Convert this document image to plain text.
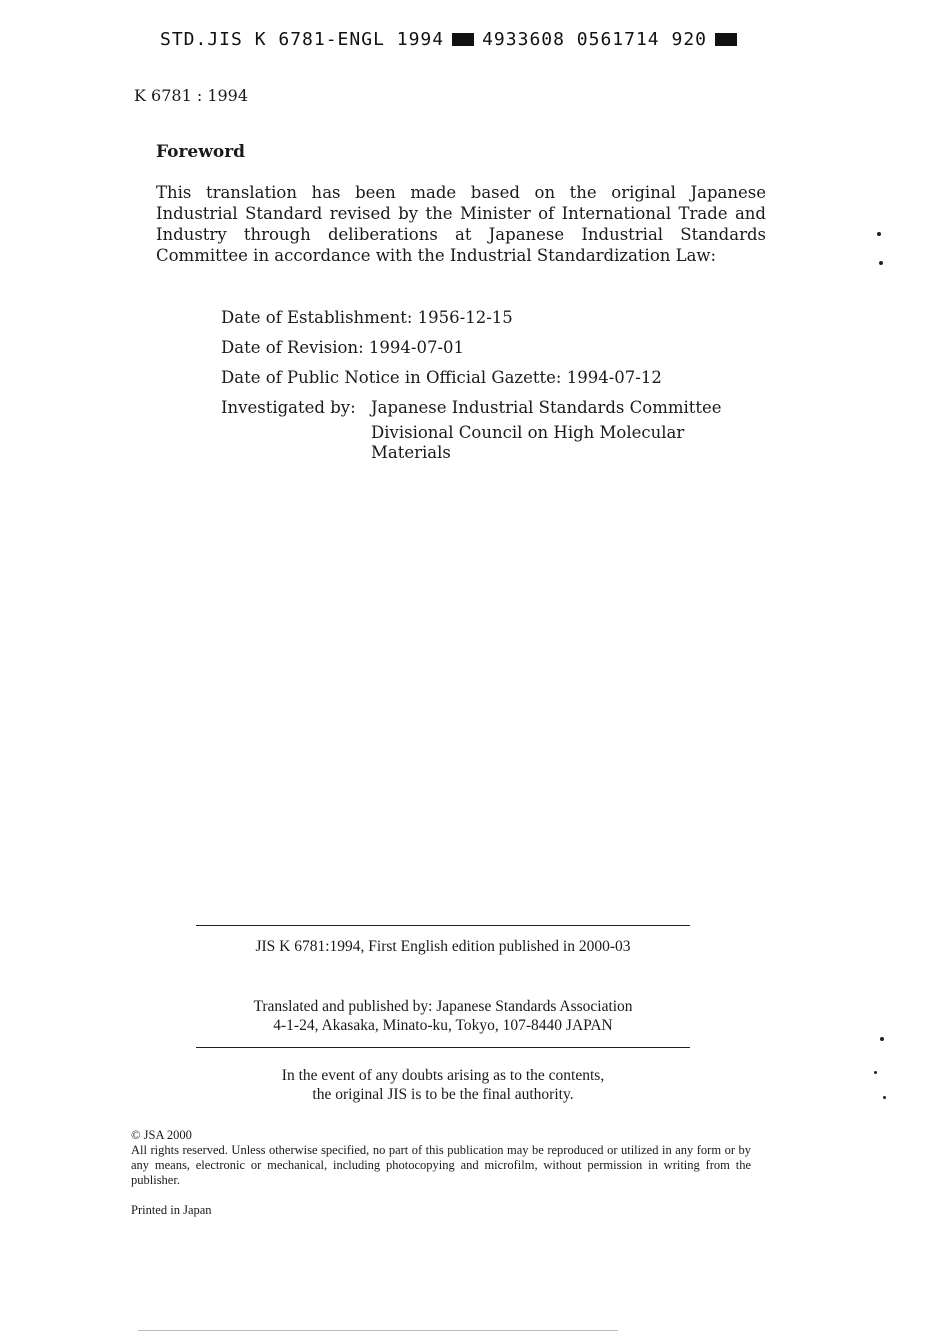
STD.JIS K 6781-ENGL 1994 4933608 0561714 920
K 6781 : 1994
Foreword
This translation has been made based on the original Japanese Industrial Standard revised by the Minister of International Trade and Industry through deliberations at Japanese Industrial Standards Committee in accordance with the Industrial Standardization Law:
Date of Establishment: 1956-12-15
Date of Revision: 1994-07-01
Date of Public Notice in Official Gazette: 1994-07-12
Investigated by: Japanese Industrial Standards Committee
Divisional Council on High Molecular Materials
JIS K 6781:1994, First English edition published in 2000-03
Translated and published by: Japanese Standards Association
4-1-24, Akasaka, Minato-ku, Tokyo, 107-8440 JAPAN
In the event of any doubts arising as to the contents,
the original JIS is to be the final authority.
© JSA 2000
All rights reserved. Unless otherwise specified, no part of this publication may be reproduced or utilized in any form or by any means, electronic or mechanical, including photocopying and microfilm, without permission in writing from the publisher.
Printed in Japan
